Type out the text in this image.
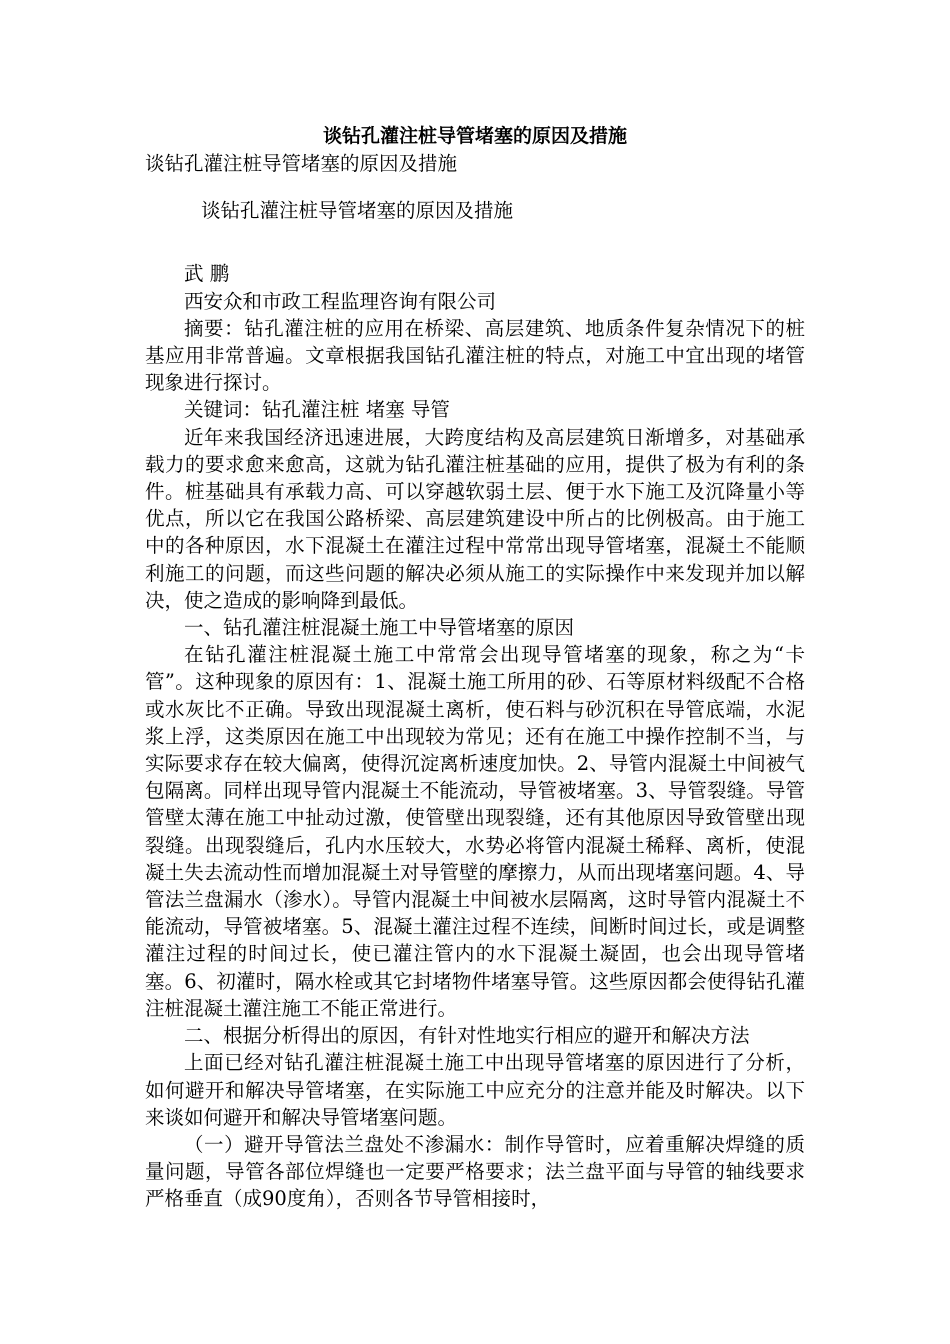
谈钻孔灌注桩导管堵塞的原因及措施

谈钻孔灌注桩导管堵塞的原因及措施

谈钻孔灌注桩导管堵塞的原因及措施

武 鹏

西安众和市政工程监理咨询有限公司

摘要：钻孔灌注桩的应用在桥梁、高层建筑、地质条件复杂情况下的桩基应用非常普遍。文章根据我国钻孔灌注桩的特点，对施工中宜出现的堵管现象进行探讨。

关键词：钻孔灌注桩 堵塞 导管

近年来我国经济迅速进展，大跨度结构及高层建筑日渐增多，对基础承载力的要求愈来愈高，这就为钻孔灌注桩基础的应用，提供了极为有利的条件。桩基础具有承载力高、可以穿越软弱土层、便于水下施工及沉降量小等优点，所以它在我国公路桥梁、高层建筑建设中所占的比例极高。由于施工中的各种原因，水下混凝土在灌注过程中常常出现导管堵塞，混凝土不能顺利施工的问题，而这些问题的解决必须从施工的实际操作中来发现并加以解决，使之造成的影响降到最低。

一、钻孔灌注桩混凝土施工中导管堵塞的原因

在钻孔灌注桩混凝土施工中常常会出现导管堵塞的现象，称之为“卡管”。这种现象的原因有：1、混凝土施工所用的砂、石等原材料级配不合格或水灰比不正确。导致出现混凝土离析，使石料与砂沉积在导管底端，水泥浆上浮，这类原因在施工中出现较为常见；还有在施工中操作控制不当，与实际要求存在较大偏离，使得沉淀离析速度加快。2、导管内混凝土中间被气包隔离。同样出现导管内混凝土不能流动，导管被堵塞。3、导管裂缝。导管管壁太薄在施工中扯动过激，使管壁出现裂缝，还有其他原因导致管壁出现裂缝。出现裂缝后，孔内水压较大，水势必将管内混凝土稀释、离析，使混凝土失去流动性而增加混凝土对导管壁的摩擦力，从而出现堵塞问题。4、导管法兰盘漏水（渗水）。导管内混凝土中间被水层隔离，这时导管内混凝土不能流动，导管被堵塞。5、混凝土灌注过程不连续，间断时间过长，或是调整灌注过程的时间过长，使已灌注管内的水下混凝土凝固，也会出现导管堵塞。6、初灌时，隔水栓或其它封堵物件堵塞导管。这些原因都会使得钻孔灌注桩混凝土灌注施工不能正常进行。

二、根据分析得出的原因，有针对性地实行相应的避开和解决方法

上面已经对钻孔灌注桩混凝土施工中出现导管堵塞的原因进行了分析，如何避开和解决导管堵塞，在实际施工中应充分的注意并能及时解决。以下来谈如何避开和解决导管堵塞问题。

（一）避开导管法兰盘处不渗漏水：制作导管时，应着重解决焊缝的质量问题，导管各部位焊缝也一定要严格要求；法兰盘平面与导管的轴线要求严格垂直（成90度角），否则各节导管相接时，
